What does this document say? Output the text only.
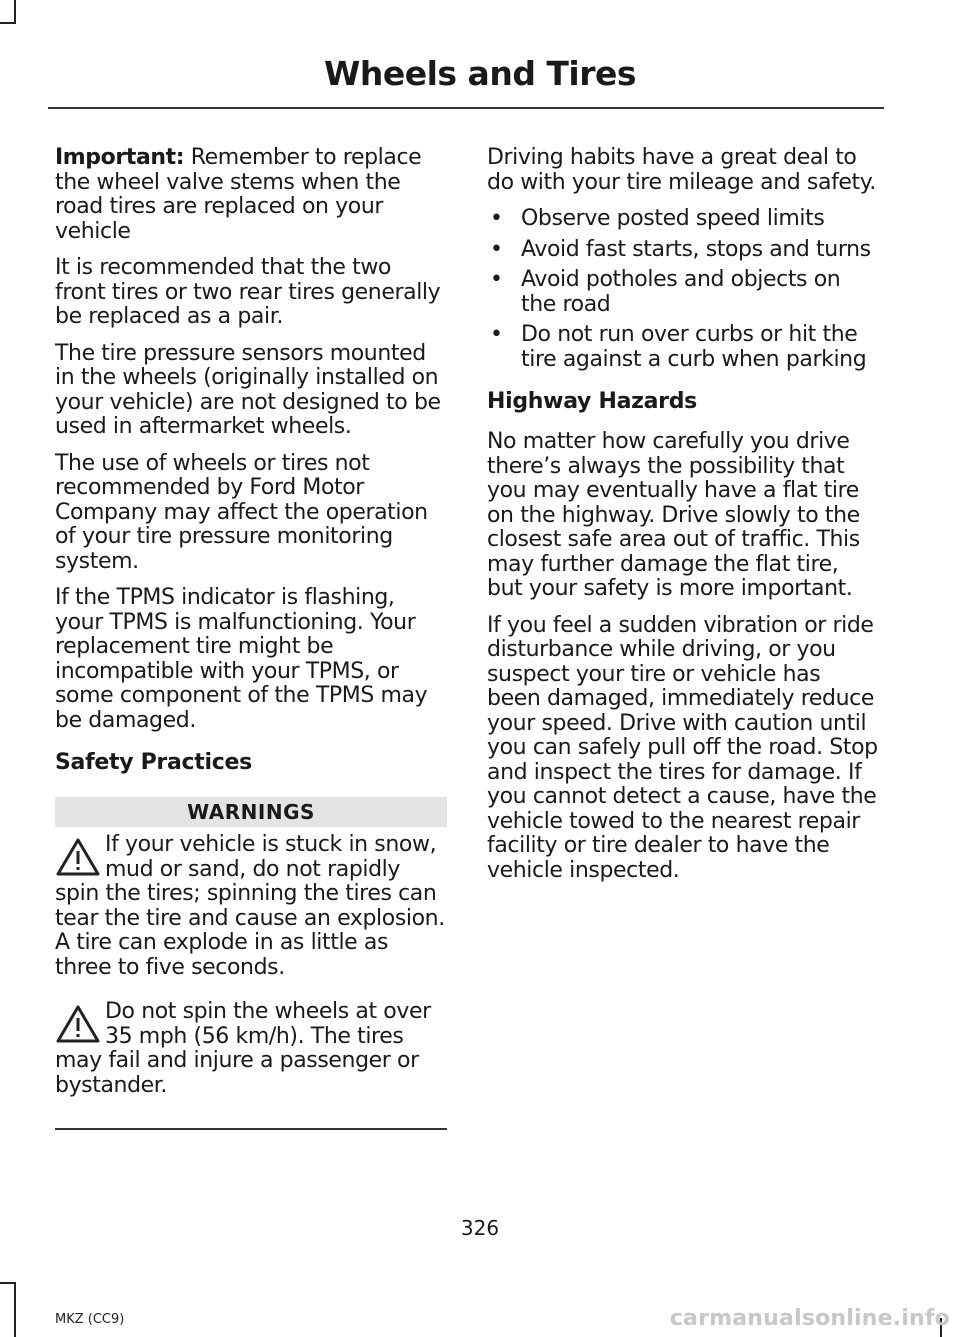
Wheels and Tires

Important: Remember to replace the wheel valve stems when the road tires are replaced on your vehicle

It is recommended that the two front tires or two rear tires generally be replaced as a pair.

The tire pressure sensors mounted in the wheels (originally installed on your vehicle) are not designed to be used in aftermarket wheels.

The use of wheels or tires not recommended by Ford Motor Company may affect the operation of your tire pressure monitoring system.

If the TPMS indicator is flashing, your TPMS is malfunctioning. Your replacement tire might be incompatible with your TPMS, or some component of the TPMS may be damaged.

Safety Practices
WARNINGS
If your vehicle is stuck in snow, mud or sand, do not rapidly spin the tires; spinning the tires can tear the tire and cause an explosion. A tire can explode in as little as three to five seconds.
Do not spin the wheels at over 35 mph (56 km/h). The tires may fail and injure a passenger or bystander.

Driving habits have a great deal to do with your tire mileage and safety.

• Observe posted speed limits
• Avoid fast starts, stops and turns
• Avoid potholes and objects on the road
• Do not run over curbs or hit the tire against a curb when parking
Highway Hazards

No matter how carefully you drive there’s always the possibility that you may eventually have a flat tire on the highway. Drive slowly to the closest safe area out of traffic. This may further damage the flat tire, but your safety is more important.

If you feel a sudden vibration or ride disturbance while driving, or you suspect your tire or vehicle has been damaged, immediately reduce your speed. Drive with caution until you can safely pull off the road. Stop and inspect the tires for damage. If you cannot detect a cause, have the vehicle towed to the nearest repair facility or tire dealer to have the vehicle inspected.

326
MKZ (CC9)	carmanualsonline.info
